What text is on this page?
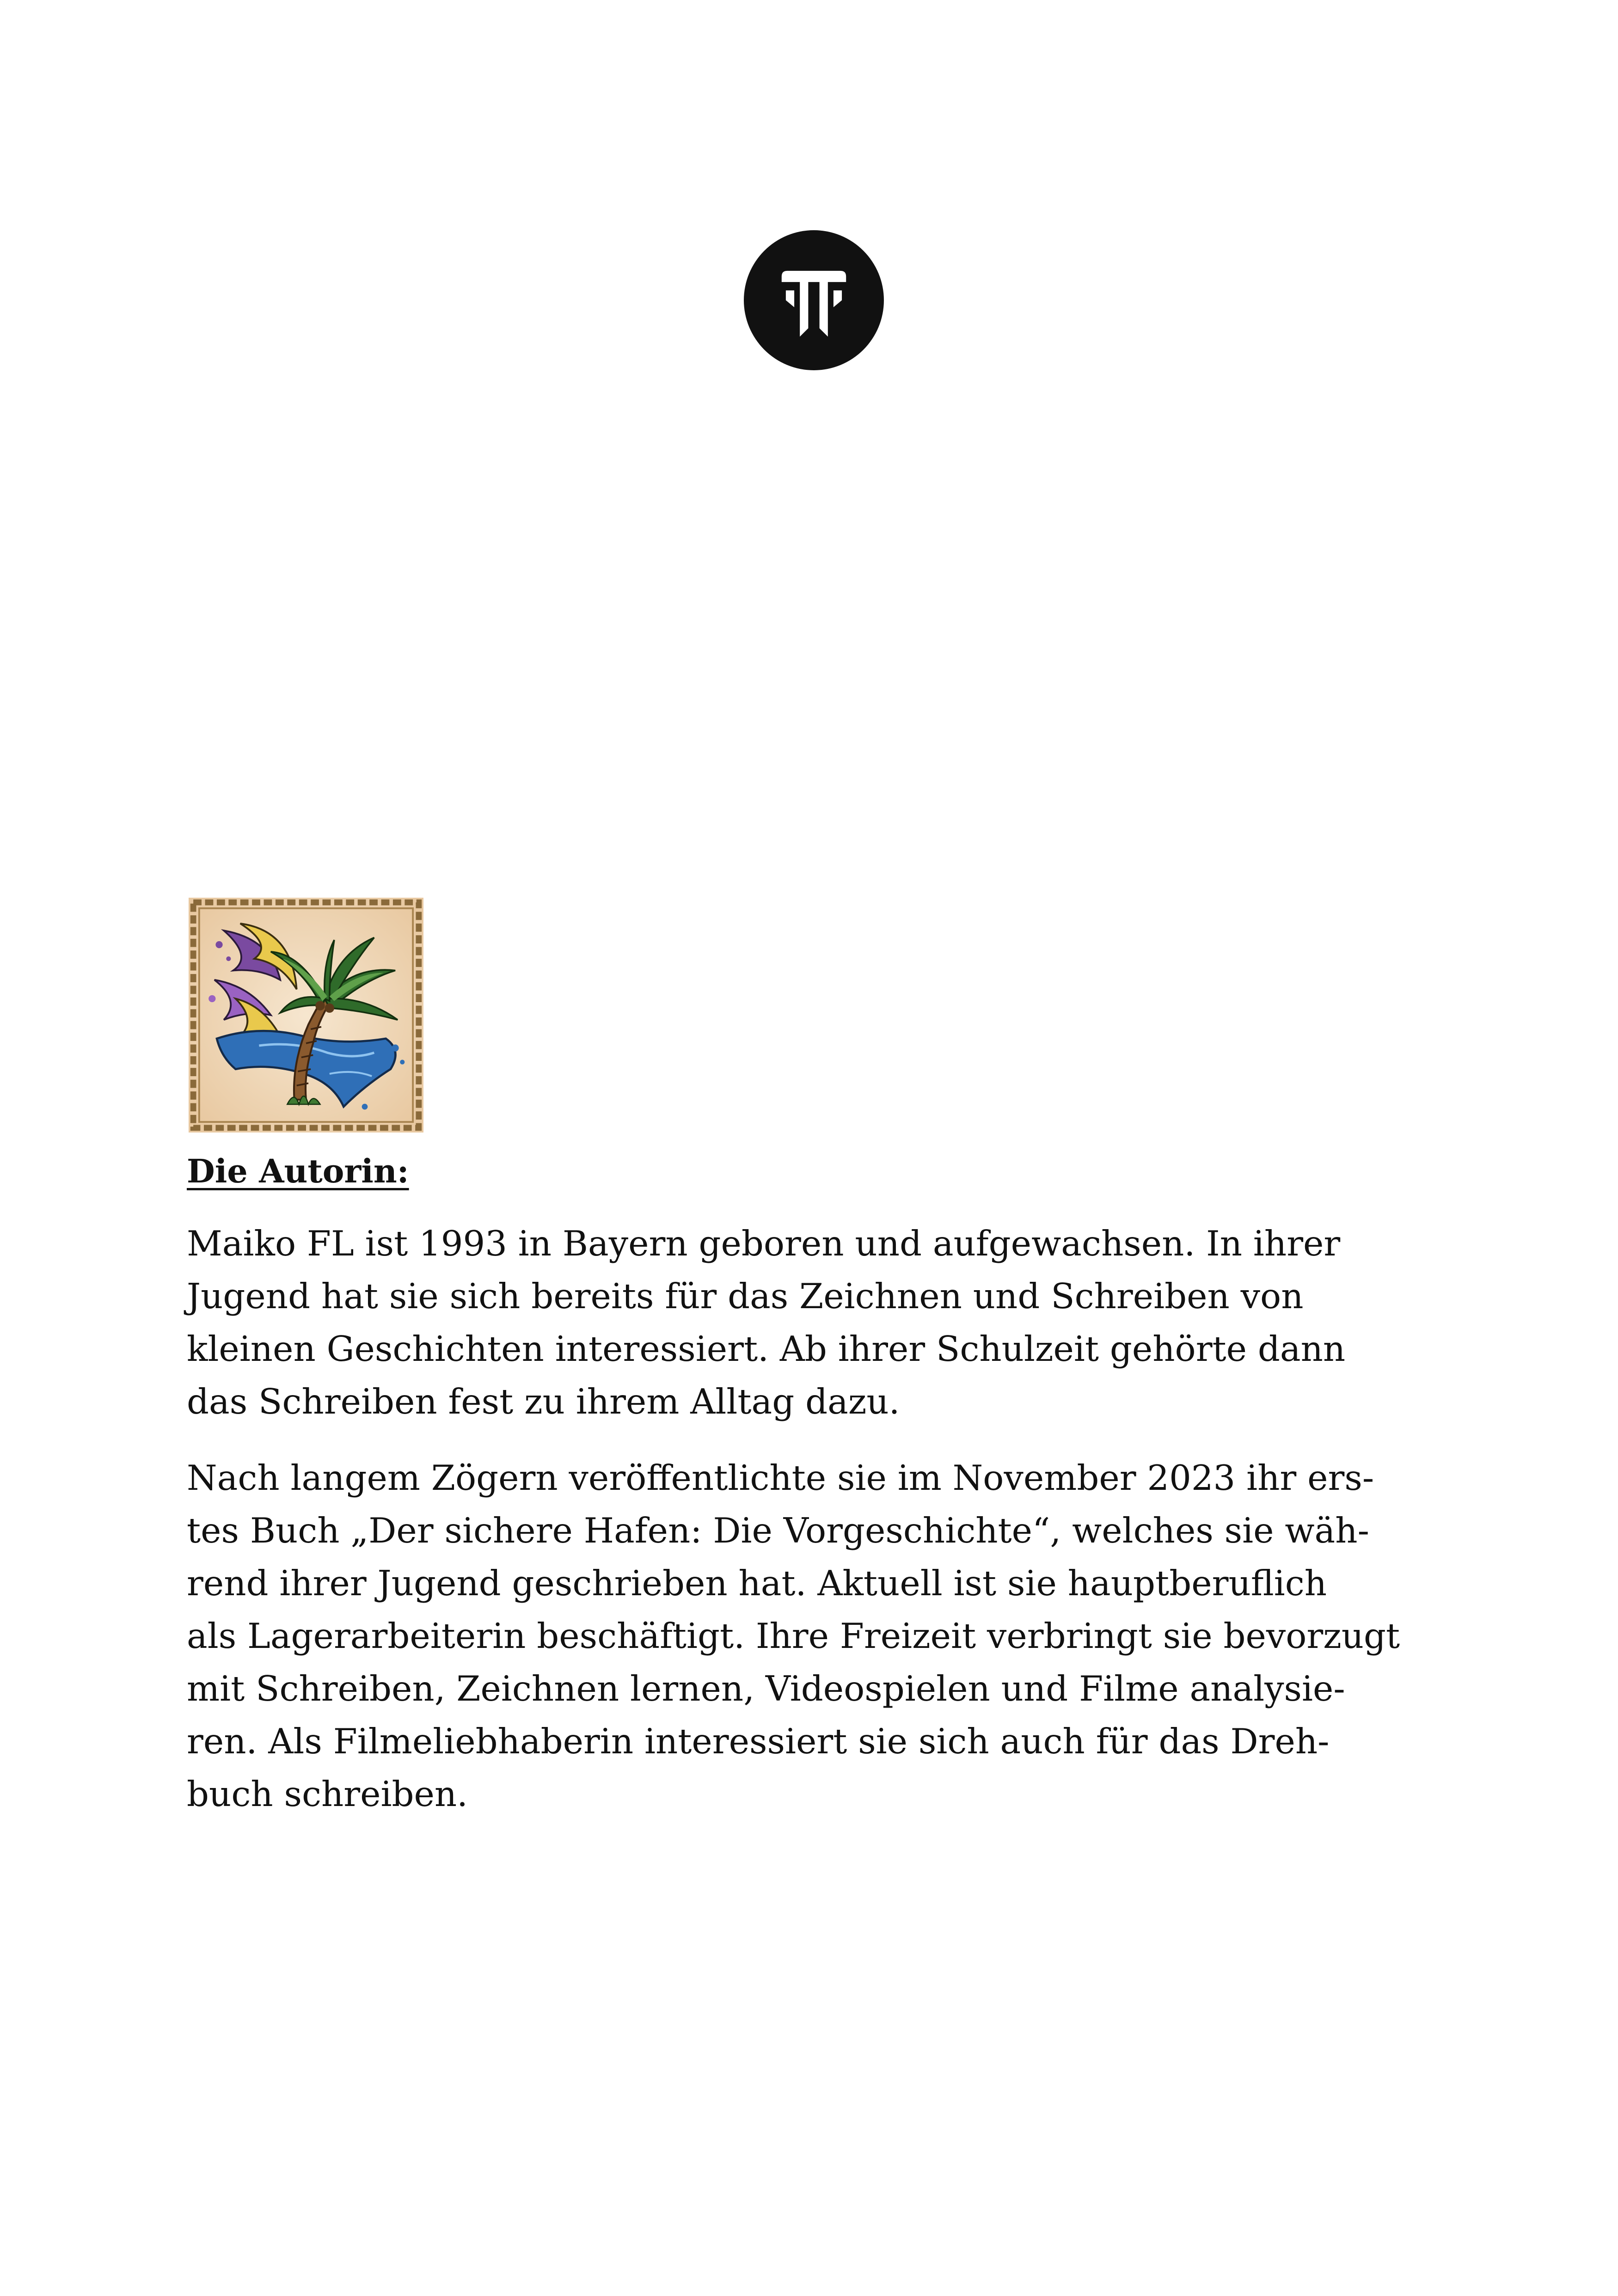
Die Autorin:

Maiko FL ist 1993 in Bayern geboren und aufgewachsen. In ihrer
Jugend hat sie sich bereits für das Zeichnen und Schreiben von
kleinen Geschichten interessiert. Ab ihrer Schulzeit gehörte dann
das Schreiben fest zu ihrem Alltag dazu.

Nach langem Zögern veröffentlichte sie im November 2023 ihr ers-
tes Buch „Der sichere Hafen: Die Vorgeschichte“, welches sie wäh-
rend ihrer Jugend geschrieben hat. Aktuell ist sie hauptberuflich
als Lagerarbeiterin beschäftigt. Ihre Freizeit verbringt sie bevorzugt
mit Schreiben, Zeichnen lernen, Videospielen und Filme analysie-
ren. Als Filmeliebhaberin interessiert sie sich auch für das Dreh-
buch schreiben.
